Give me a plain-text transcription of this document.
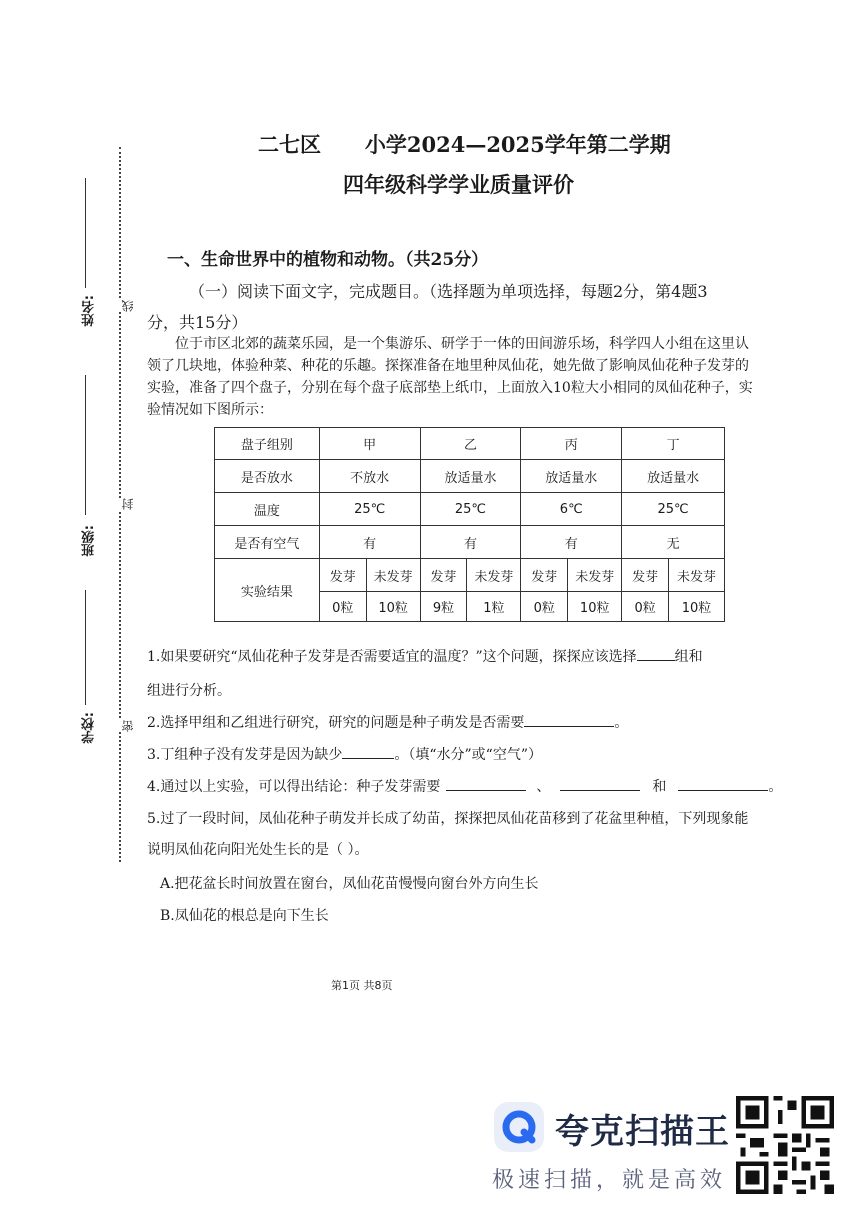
姓名:
班级:
学校:
线
封
密
二七区      小学2024—2025学年第二学期
四年级科学学业质量评价
一、生命世界中的植物和动物。（共25分）
（一）阅读下面文字，完成题目。（选择题为单项选择，每题2分，第4题3
分，共15分）
位于市区北郊的蔬菜乐园，是一个集游乐、研学于一体的田间游乐场，科学四人小组在这里认
领了几块地，体验种菜、种花的乐趣。探探准备在地里种凤仙花，她先做了影响凤仙花种子发芽的
实验，准备了四个盘子，分别在每个盘子底部垫上纸巾，上面放入10粒大小相同的凤仙花种子，实
验情况如下图所示：
盘子组别	甲		乙		丙		丁	
是否放水	不放水		放适量水		放适量水		放适量水	
温度	25℃		25℃		6℃		25℃	
是否有空气	有		有		有		无	
实验结果	发芽	未发芽	发芽	未发芽	发芽	未发芽	发芽	未发芽
	0粒	10粒	9粒	1粒	0粒	10粒	0粒	10粒
1.如果要研究“凤仙花种子发芽是否需要适宜的温度？”这个问题，探探应该选择	组和
组进行分析。
2.选择甲组和乙组进行研究，研究的问题是种子萌发是否需要	。
3.丁组种子没有发芽是因为缺少	。（填“水分”或“空气”）
4.通过以上实验，可以得出结论：种子发芽需要	、	和	。
5.过了一段时间，凤仙花种子萌发并长成了幼苗，探探把凤仙花苗移到了花盆里种植，下列现象能
说明凤仙花向阳光处生长的是（ ）。
A.把花盆长时间放置在窗台，凤仙花苗慢慢向窗台外方向生长
B.凤仙花的根总是向下生长
第1页 共8页
夸克扫描王
极速扫描，就是高效
